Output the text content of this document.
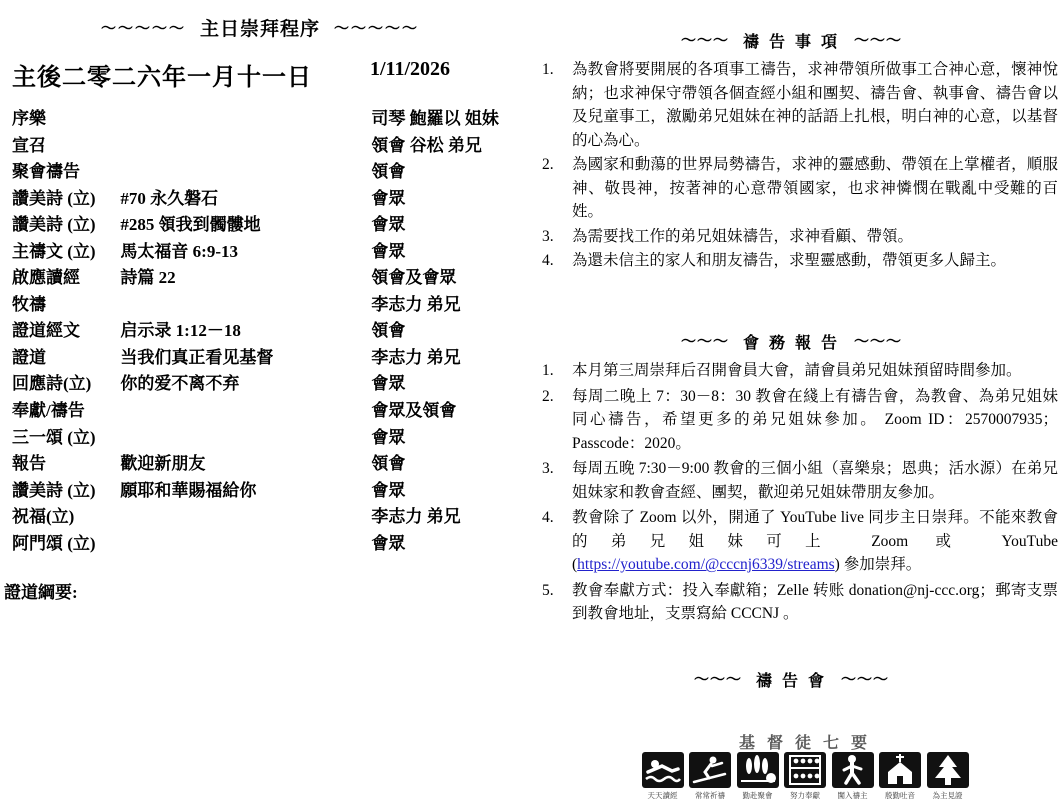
〜〜〜〜〜 主日崇拜程序 〜〜〜〜〜
主後二零二六年一月十一日	1/11/2026
序樂		司琴 鮑羅以 姐妹
宣召		領會 谷松 弟兄
聚會禱告		領會
讚美詩 (立)	#70 永久磐石	會眾
讚美詩 (立)	#285 領我到髑髏地	會眾
主禱文 (立)	馬太福音 6:9-13	會眾
啟應讀經	詩篇 22	領會及會眾
牧禱		李志力 弟兄
證道經文	启示录 1:12－18	領會
證道	当我们真正看见基督	李志力 弟兄
回應詩(立)	你的爱不离不弃	會眾
奉獻/禱告		會眾及領會
三一頌 (立)		會眾
報告	歡迎新朋友	領會
讚美詩 (立)	願耶和華賜福給你	會眾
祝福(立)		李志力 弟兄
阿門頌 (立)		會眾
證道綱要:
〜〜〜 禱 告 事 項 〜〜〜
1.	為教會將要開展的各項事工禱告，求神帶領所做事工合神心意，懷神悅納；也求神保守帶領各個查經小組和團契、禱告會、執事會、禱告會以及兒童事工，激勵弟兄姐妹在神的話語上扎根，明白神的心意，以基督的心為心。
2.	為國家和動蕩的世界局勢禱告，求神的靈感動、帶領在上掌權者，順服神、敬畏神，按著神的心意帶領國家，也求神憐憫在戰亂中受難的百姓。
3.	為需要找工作的弟兄姐妹禱告，求神看顧、帶領。
4.	為還未信主的家人和朋友禱告，求聖靈感動，帶領更多人歸主。
〜〜〜 會 務 報 告 〜〜〜
1.	本月第三周崇拜后召開會員大會，請會員弟兄姐妹預留時間參加。
2.	每周二晚上 7：30－8：30 教會在綫上有禱告會，為教會、為弟兄姐妹同心禱告，希望更多的弟兄姐妹參加。 Zoom ID：2570007935；Passcode：2020。
3.	每周五晚 7:30－9:00 教會的三個小組（喜樂泉；恩典；活水源）在弟兄姐妹家和教會查經、團契，歡迎弟兄姐妹帶朋友參加。
4.	教會除了 Zoom 以外，開通了 YouTube live 同步主日崇拜。不能來教會的弟兄姐妹可上 Zoom 或 YouTube (https://youtube.com/@cccnj6339/streams) 參加崇拜。
5.	教會奉獻方式：投入奉獻箱；Zelle 转账 donation@nj-ccc.org；郵寄支票到教會地址，支票寫給 CCCNJ 。
〜〜〜 禱 告 會 〜〜〜
基 督 徒 七 要
天天讀經	常常祈禱	勤赴聚會	努力奉獻	闖入禱主	殷勤吐音	為主見證
